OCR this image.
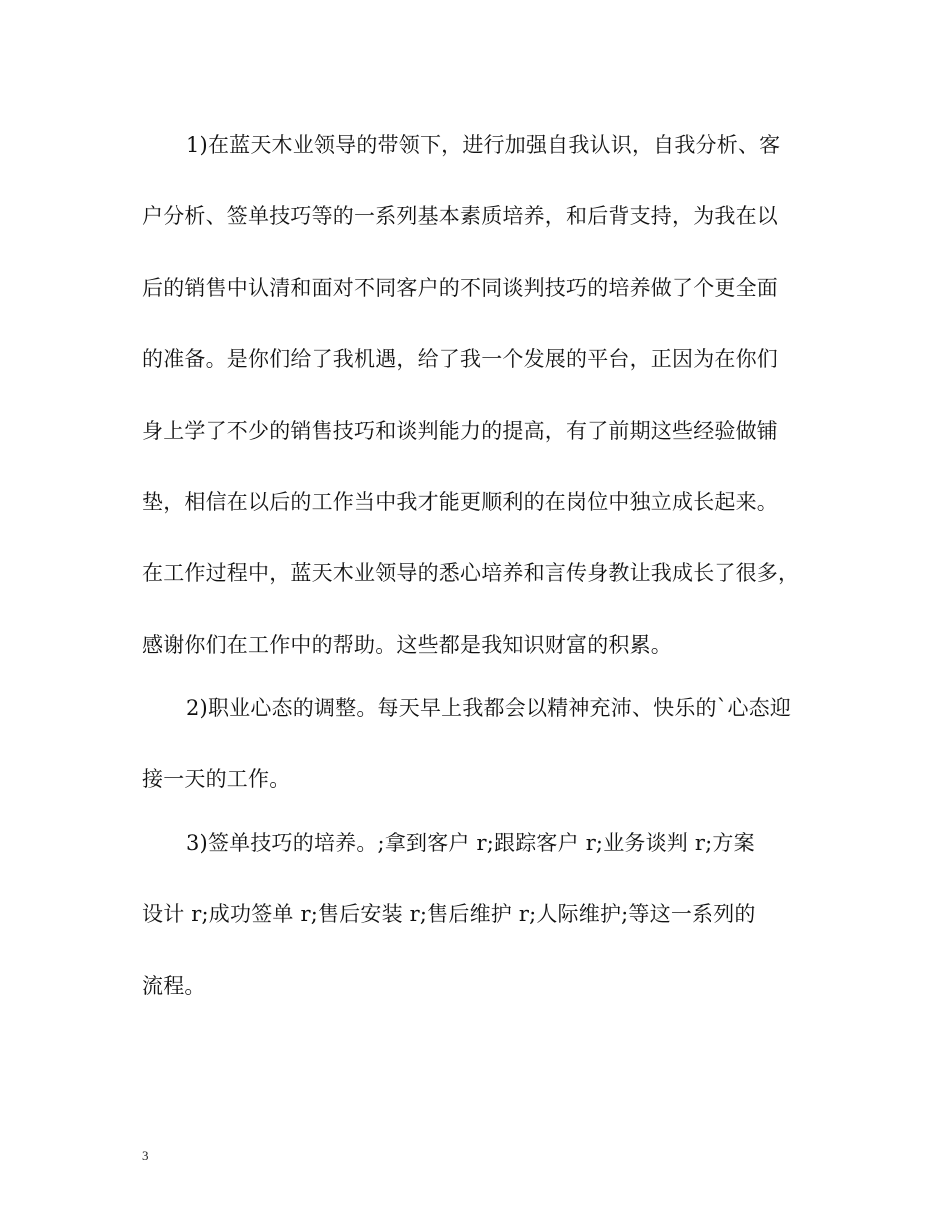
1)在蓝天木业领导的带领下，进行加强自我认识，自我分析、客
户分析、签单技巧等的一系列基本素质培养，和后背支持，为我在以
后的销售中认清和面对不同客户的不同谈判技巧的培养做了个更全面
的准备。是你们给了我机遇，给了我一个发展的平台，正因为在你们
身上学了不少的销售技巧和谈判能力的提高，有了前期这些经验做铺
垫，相信在以后的工作当中我才能更顺利的在岗位中独立成长起来。
在工作过程中，蓝天木业领导的悉心培养和言传身教让我成长了很多，
感谢你们在工作中的帮助。这些都是我知识财富的积累。
2)职业心态的调整。每天早上我都会以精神充沛、快乐的`心态迎
接一天的工作。
3)签单技巧的培养。;拿到客户 r;跟踪客户 r;业务谈判 r;方案
设计 r;成功签单 r;售后安装 r;售后维护 r;人际维护;等这一系列的
流程。
3
